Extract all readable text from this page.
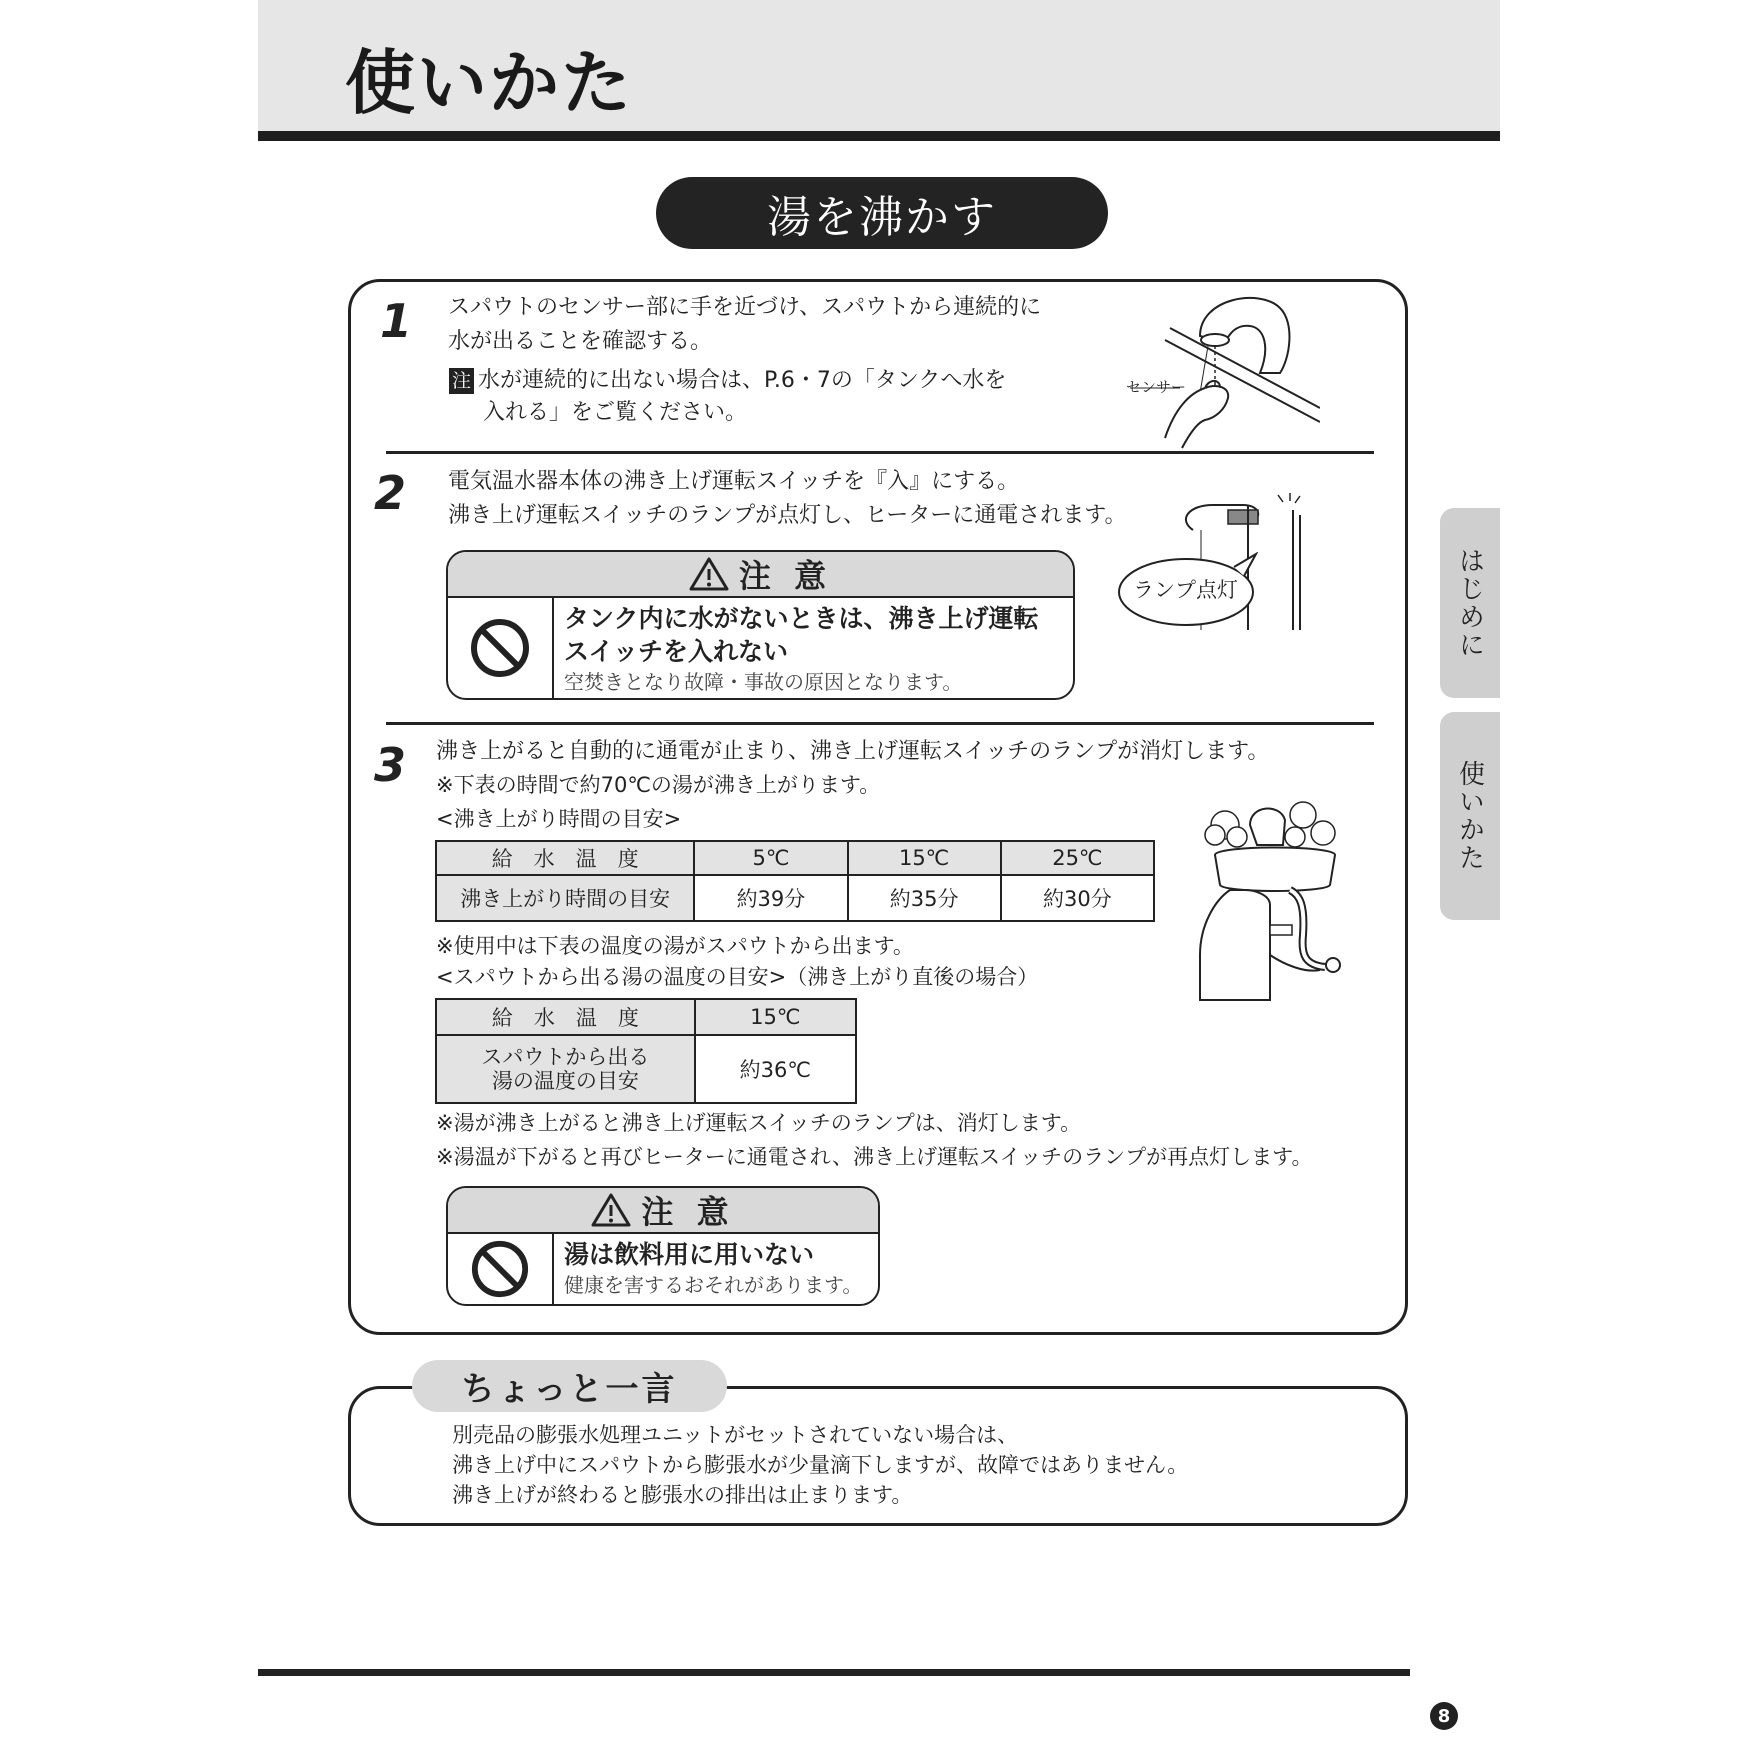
使いかた
湯を沸かす
はじめに
使いかた
1 スパウトのセンサー部に手を近づけ、スパウトから連続的に
水が出ることを確認する。
注 水が連続的に出ない場合は、P.6・7の「タンクへ水を
入れる」をご覧ください。
センサー
2 電気温水器本体の沸き上げ運転スイッチを『入』にする。
沸き上げ運転スイッチのランプが点灯し、ヒーターに通電されます。
注 意
タンク内に水がないときは、沸き上げ運転
スイッチを入れない
空焚きとなり故障・事故の原因となります。
ランプ点灯
3 沸き上がると自動的に通電が止まり、沸き上げ運転スイッチのランプが消灯します。
※下表の時間で約70℃の湯が沸き上がります。
<沸き上がり時間の目安>
給　水　温　度	5℃	15℃	25℃
沸き上がり時間の目安	約39分	約35分	約30分
※使用中は下表の温度の湯がスパウトから出ます。
<スパウトから出る湯の温度の目安>（沸き上がり直後の場合）
給　水　温　度	15℃

スパウトから出る
湯の温度の目安	約36℃
※湯が沸き上がると沸き上げ運転スイッチのランプは、消灯します。
※湯温が下がると再びヒーターに通電され、沸き上げ運転スイッチのランプが再点灯します。
注 意
湯は飲料用に用いない
健康を害するおそれがあります。
ちょっと一言
別売品の膨張水処理ユニットがセットされていない場合は、
沸き上げ中にスパウトから膨張水が少量滴下しますが、故障ではありません。
沸き上げが終わると膨張水の排出は止まります。
8
